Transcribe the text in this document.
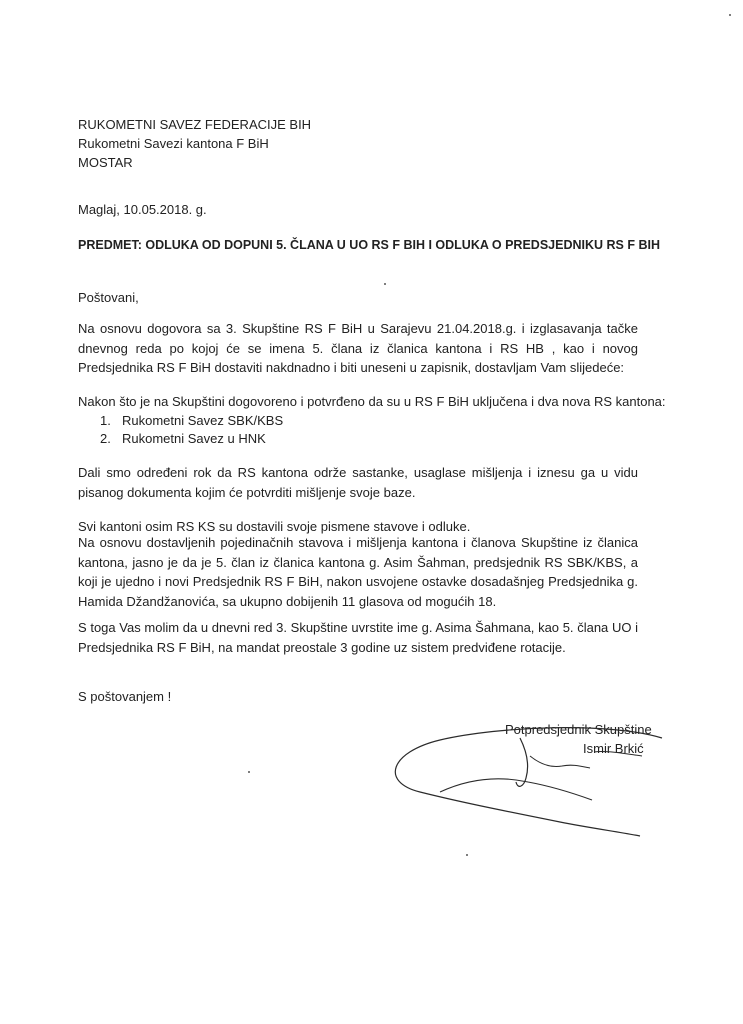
RUKOMETNI SAVEZ FEDERACIJE BIH
Rukometni Savezi kantona F BiH
MOSTAR
Maglaj, 10.05.2018. g.
PREDMET: ODLUKA OD DOPUNI 5. ČLANA U UO RS F BIH I ODLUKA O PREDSJEDNIKU RS F BIH
Poštovani,
Na osnovu dogovora sa 3. Skupštine RS F BiH u Sarajevu 21.04.2018.g. i izglasavanja tačke dnevnog reda po kojoj će se imena 5. člana iz članica kantona i RS HB , kao i novog Predsjednika RS F BiH dostaviti nakdnadno i biti uneseni u zapisnik, dostavljam Vam slijedeće:
Nakon što je na Skupštini dogovoreno i potvrđeno da su u RS F BiH uključena i dva nova RS kantona:
1. Rukometni Savez SBK/KBS
2. Rukometni Savez u HNK
Dali smo određeni rok da RS kantona održe sastanke, usaglase mišljenja i iznesu ga u vidu pisanog dokumenta kojim će potvrditi mišljenje svoje baze.
Svi kantoni osim RS KS su dostavili svoje pismene stavove i odluke.
Na osnovu dostavljenih pojedinačnih stavova i mišljenja kantona i članova Skupštine iz članica kantona, jasno je da je 5. član iz članica kantona g. Asim Šahman, predsjednik RS SBK/KBS, a koji je ujedno i novi Predsjednik RS F BiH, nakon usvojene ostavke dosadašnjeg Predsjednika g. Hamida Džandžanovića, sa ukupno dobijenih 11 glasova od mogućih 18.
S toga Vas molim da u dnevni red 3. Skupštine uvrstite ime g. Asima Šahmana, kao 5. člana UO i Predsjednika RS F BiH, na mandat preostale 3 godine uz sistem predviđene rotacije.
S poštovanjem !
Potpredsjednik Skupštine
Ismir Brkić
